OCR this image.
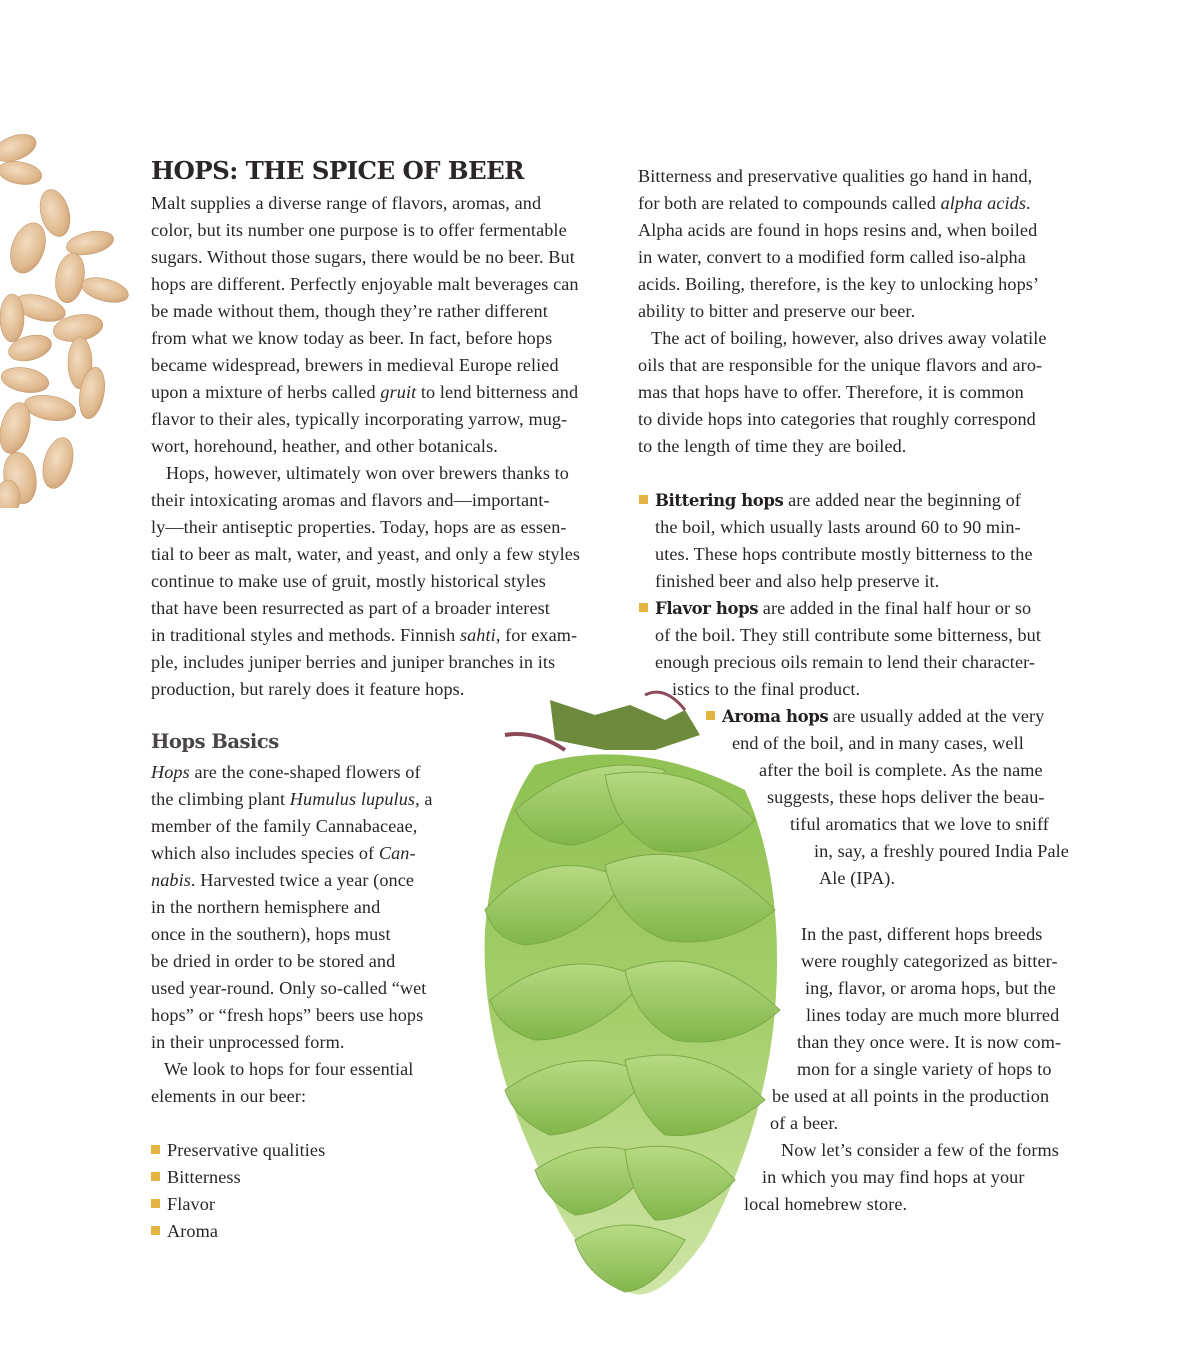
HOPS: THE SPICE OF BEER
Malt supplies a diverse range of flavors, aromas, and
color, but its number one purpose is to offer fermentable
sugars. Without those sugars, there would be no beer. But
hops are different. Perfectly enjoyable malt beverages can
be made without them, though they’re rather different
from what we know today as beer. In fact, before hops
became widespread, brewers in medieval Europe relied
upon a mixture of herbs called gruit to lend bitterness and
flavor to their ales, typically incorporating yarrow, mug-
wort, horehound, heather, and other botanicals.
Hops, however, ultimately won over brewers thanks to
their intoxicating aromas and flavors and—important-
ly—their antiseptic properties. Today, hops are as essen-
tial to beer as malt, water, and yeast, and only a few styles
continue to make use of gruit, mostly historical styles
that have been resurrected as part of a broader interest
in traditional styles and methods. Finnish sahti, for exam-
ple, includes juniper berries and juniper branches in its
production, but rarely does it feature hops.
Hops Basics
Hops are the cone-shaped flowers of
the climbing plant Humulus lupulus, a
member of the family Cannabaceae,
which also includes species of Can-
nabis. Harvested twice a year (once
in the northern hemisphere and
once in the southern), hops must
be dried in order to be stored and
used year-round. Only so-called “wet
hops” or “fresh hops” beers use hops
in their unprocessed form.
We look to hops for four essential
elements in our beer:
Preservative qualities
Bitterness
Flavor
Aroma
Bitterness and preservative qualities go hand in hand,
for both are related to compounds called alpha acids.
Alpha acids are found in hops resins and, when boiled
in water, convert to a modified form called iso-alpha
acids. Boiling, therefore, is the key to unlocking hops’
ability to bitter and preserve our beer.
The act of boiling, however, also drives away volatile
oils that are responsible for the unique flavors and aro-
mas that hops have to offer. Therefore, it is common
to divide hops into categories that roughly correspond
to the length of time they are boiled.
Bittering hops are added near the beginning of
the boil, which usually lasts around 60 to 90 min-
utes. These hops contribute mostly bitterness to the
finished beer and also help preserve it.
Flavor hops are added in the final half hour or so
of the boil. They still contribute some bitterness, but
enough precious oils remain to lend their character-
istics to the final product.
Aroma hops are usually added at the very
end of the boil, and in many cases, well
after the boil is complete. As the name
suggests, these hops deliver the beau-
tiful aromatics that we love to sniff
in, say, a freshly poured India Pale
Ale (IPA).
In the past, different hops breeds
were roughly categorized as bitter-
ing, flavor, or aroma hops, but the
lines today are much more blurred
than they once were. It is now com-
mon for a single variety of hops to
be used at all points in the production
of a beer.
Now let’s consider a few of the forms
in which you may find hops at your
local homebrew store.
